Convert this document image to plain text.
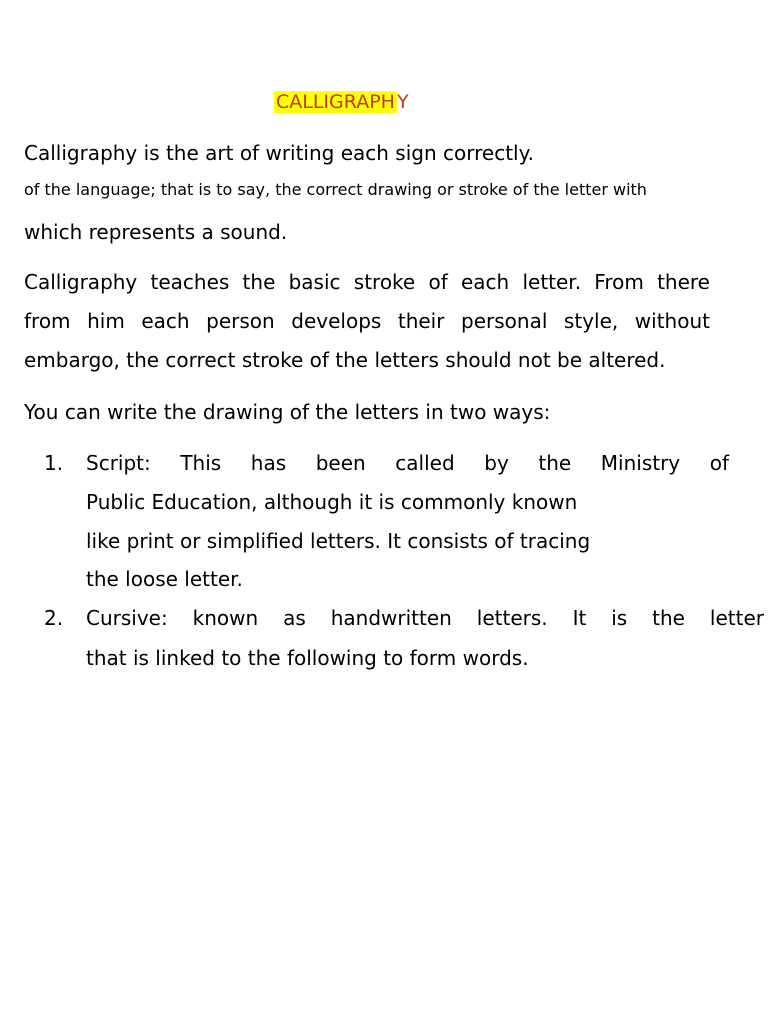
CALLIGRAPH Y
Calligraphy is the art of writing each sign correctly.
of the language; that is to say, the correct drawing or stroke of the letter with
which represents a sound.
Calligraphy teaches the basic stroke of each letter. From there
from him each person develops their personal style, without
embargo, the correct stroke of the letters should not be altered.
You can write the drawing of the letters in two ways:
1. Script: This has been called by the Ministry of
Public Education, although it is commonly known
like print or simplified letters. It consists of tracing
the loose letter.
2. Cursive: known as handwritten letters. It is the letter
that is linked to the following to form words.
